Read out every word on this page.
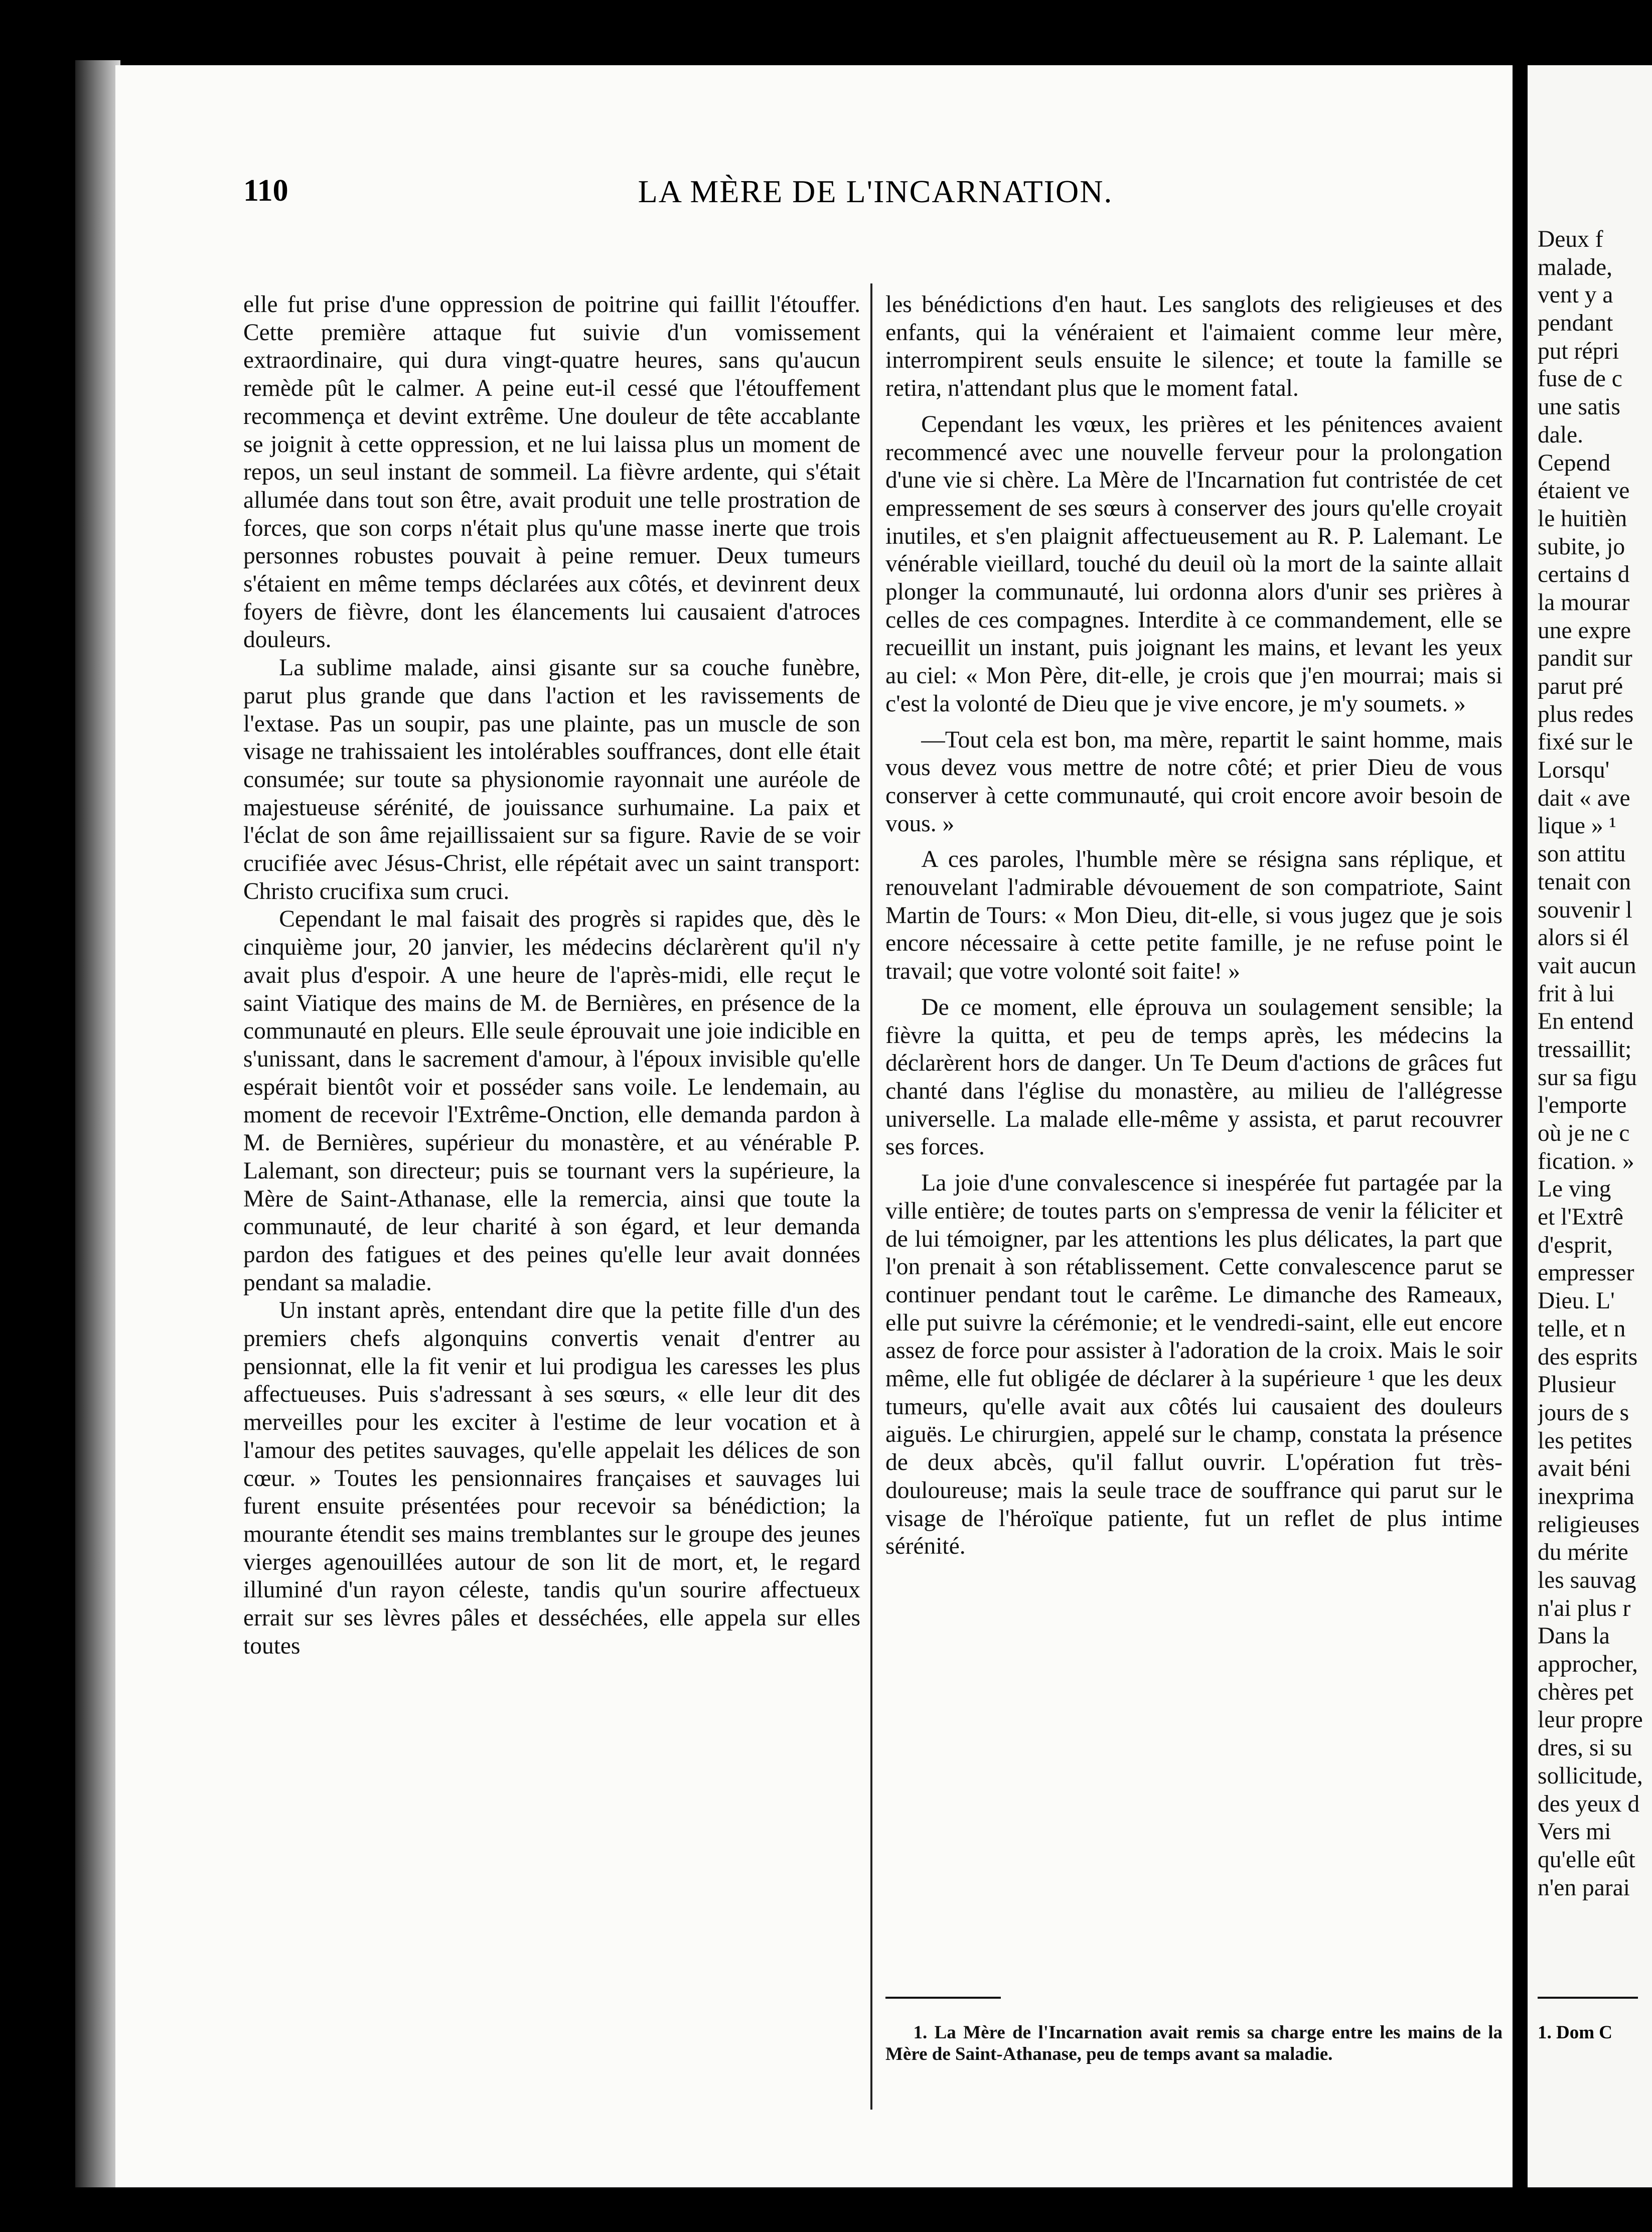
110	LA MÈRE DE L'INCARNATION.

elle fut prise d'une oppression de poitrine qui faillit l'étouffer. Cette première attaque fut suivie d'un vomissement extraordinaire, qui dura vingt-quatre heures, sans qu'aucun remède pût le calmer. A peine eut-il cessé que l'étouffement recommença et devint extrême. Une douleur de tête accablante se joignit à cette oppression, et ne lui laissa plus un moment de repos, un seul instant de sommeil. La fièvre ardente, qui s'était allumée dans tout son être, avait produit une telle prostration de forces, que son corps n'était plus qu'une masse inerte que trois personnes robustes pouvait à peine remuer. Deux tumeurs s'étaient en même temps déclarées aux côtés, et devinrent deux foyers de fièvre, dont les élancements lui causaient d'atroces douleurs.

La sublime malade, ainsi gisante sur sa couche funèbre, parut plus grande que dans l'action et les ravissements de l'extase. Pas un soupir, pas une plainte, pas un muscle de son visage ne trahissaient les intolérables souffrances, dont elle était consumée; sur toute sa physionomie rayonnait une auréole de majestueuse sérénité, de jouissance surhumaine. La paix et l'éclat de son âme rejaillissaient sur sa figure. Ravie de se voir crucifiée avec Jésus-Christ, elle répétait avec un saint transport: Christo crucifixa sum cruci.

Cependant le mal faisait des progrès si rapides que, dès le cinquième jour, 20 janvier, les médecins déclarèrent qu'il n'y avait plus d'espoir. A une heure de l'après-midi, elle reçut le saint Viatique des mains de M. de Bernières, en présence de la communauté en pleurs. Elle seule éprouvait une joie indicible en s'unissant, dans le sacrement d'amour, à l'époux invisible qu'elle espérait bientôt voir et posséder sans voile. Le lendemain, au moment de recevoir l'Extrême-Onction, elle demanda pardon à M. de Bernières, supérieur du monastère, et au vénérable P. Lalemant, son directeur; puis se tournant vers la supérieure, la Mère de Saint-Athanase, elle la remercia, ainsi que toute la communauté, de leur charité à son égard, et leur demanda pardon des fatigues et des peines qu'elle leur avait données pendant sa maladie.

Un instant après, entendant dire que la petite fille d'un des premiers chefs algonquins convertis venait d'entrer au pensionnat, elle la fit venir et lui prodigua les caresses les plus affectueuses. Puis s'adressant à ses sœurs, « elle leur dit des merveilles pour les exciter à l'estime de leur vocation et à l'amour des petites sauvages, qu'elle appelait les délices de son cœur. » Toutes les pensionnaires françaises et sauvages lui furent ensuite présentées pour recevoir sa bénédiction; la mourante étendit ses mains tremblantes sur le groupe des jeunes vierges agenouillées autour de son lit de mort, et, le regard illuminé d'un rayon céleste, tandis qu'un sourire affectueux errait sur ses lèvres pâles et desséchées, elle appela sur elles toutes

les bénédictions d'en haut. Les sanglots des religieuses et des enfants, qui la vénéraient et l'aimaient comme leur mère, interrompirent seuls ensuite le silence; et toute la famille se retira, n'attendant plus que le moment fatal.

Cependant les vœux, les prières et les pénitences avaient recommencé avec une nouvelle ferveur pour la prolongation d'une vie si chère. La Mère de l'Incarnation fut contristée de cet empressement de ses sœurs à conserver des jours qu'elle croyait inutiles, et s'en plaignit affectueusement au R. P. Lalemant. Le vénérable vieillard, touché du deuil où la mort de la sainte allait plonger la communauté, lui ordonna alors d'unir ses prières à celles de ces compagnes. Interdite à ce commandement, elle se recueillit un instant, puis joignant les mains, et levant les yeux au ciel: « Mon Père, dit-elle, je crois que j'en mourrai; mais si c'est la volonté de Dieu que je vive encore, je m'y soumets. »

—Tout cela est bon, ma mère, repartit le saint homme, mais vous devez vous mettre de notre côté; et prier Dieu de vous conserver à cette communauté, qui croit encore avoir besoin de vous. »

A ces paroles, l'humble mère se résigna sans réplique, et renouvelant l'admirable dévouement de son compatriote, Saint Martin de Tours: « Mon Dieu, dit-elle, si vous jugez que je sois encore nécessaire à cette petite famille, je ne refuse point le travail; que votre volonté soit faite! »

De ce moment, elle éprouva un soulagement sensible; la fièvre la quitta, et peu de temps après, les médecins la déclarèrent hors de danger. Un Te Deum d'actions de grâces fut chanté dans l'église du monastère, au milieu de l'allégresse universelle. La malade elle-même y assista, et parut recouvrer ses forces.

La joie d'une convalescence si inespérée fut partagée par la ville entière; de toutes parts on s'empressa de venir la féliciter et de lui témoigner, par les attentions les plus délicates, la part que l'on prenait à son rétablissement. Cette convalescence parut se continuer pendant tout le carême. Le dimanche des Rameaux, elle put suivre la cérémonie; et le vendredi-saint, elle eut encore assez de force pour assister à l'adoration de la croix. Mais le soir même, elle fut obligée de déclarer à la supérieure ¹ que les deux tumeurs, qu'elle avait aux côtés lui causaient des douleurs aiguës. Le chirurgien, appelé sur le champ, constata la présence de deux abcès, qu'il fallut ouvrir. L'opération fut très-douloureuse; mais la seule trace de souffrance qui parut sur le visage de l'héroïque patiente, fut un reflet de plus intime sérénité.

1. La Mère de l'Incarnation avait remis sa charge entre les mains de la Mère de Saint-Athanase, peu de temps avant sa maladie.
Deux f
malade,
vent y a
pendant
put répri
fuse de c
une satis
dale.
Cepend
étaient ve
le huitièn
subite, jo
certains d
la mourar
une expre
pandit sur
parut pré
plus redes
fixé sur le
Lorsqu'
dait « ave
lique » ¹
son attitu
tenait con
souvenir l
alors si él
vait aucun
frit à lui
En entend
tressaillit;
sur sa figu
l'emporte
où je ne c
fication. »
Le ving
et l'Extrê
d'esprit,
empresser
Dieu. L'
telle, et n
des esprits
Plusieur
jours de s
les petites
avait béni
inexprima
religieuses
du mérite
les sauvag
n'ai plus r
Dans la
approcher,
chères pet
leur propre
dres, si su
sollicitude,
des yeux d
Vers mi
qu'elle eût
n'en parai
1. Dom C
